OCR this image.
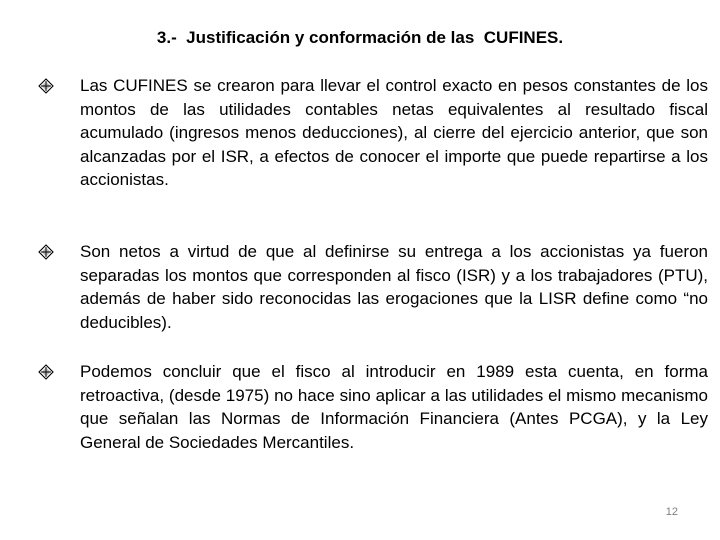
3.-  Justificación y conformación de las  CUFINES.
Las CUFINES se crearon para llevar el control exacto en pesos constantes de los montos de las utilidades contables netas equivalentes al resultado fiscal acumulado (ingresos menos deducciones), al cierre del ejercicio anterior, que son alcanzadas por el ISR, a efectos de conocer el importe que puede repartirse a los accionistas.
Son netos a virtud de que al definirse su entrega a los accionistas ya fueron separadas los montos que corresponden al fisco (ISR) y a los trabajadores (PTU), además de haber sido reconocidas las erogaciones que la LISR define como “no deducibles).
Podemos concluir que el fisco al introducir en 1989 esta cuenta, en forma retroactiva, (desde 1975) no hace sino aplicar a las utilidades el mismo mecanismo que señalan las Normas de Información Financiera (Antes PCGA), y la Ley General de Sociedades Mercantiles.
12
